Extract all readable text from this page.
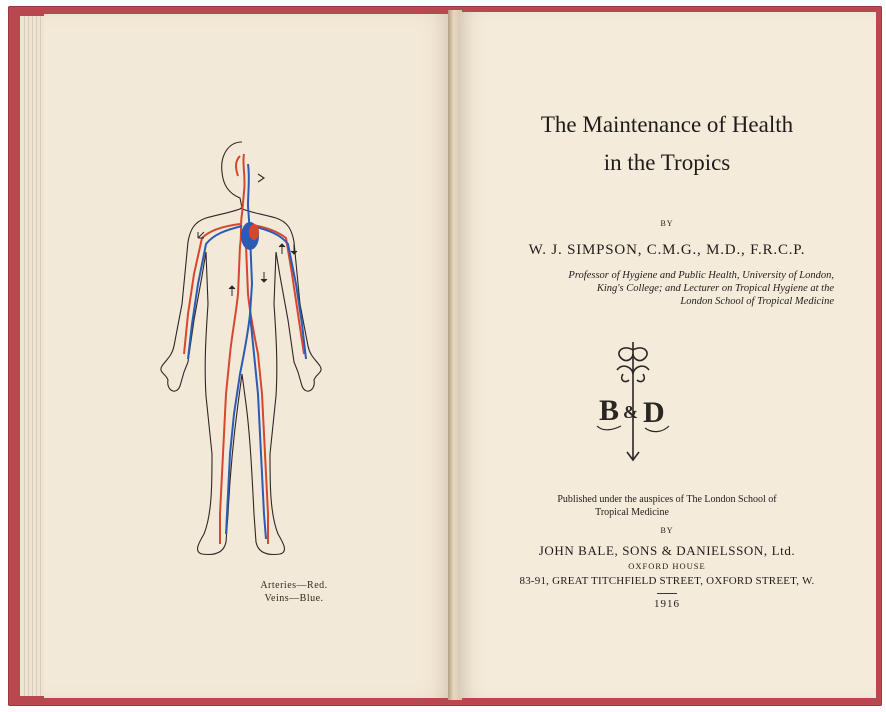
Arteries—Red.
Veins—Blue.
The Maintenance of Health
in the Tropics
BY
W. J. SIMPSON, C.M.G., M.D., F.R.C.P.
Professor of Hygiene and Public Health, University of London,
King's College; and Lecturer on Tropical Hygiene at the
London School of Tropical Medicine
B & D
Published under the auspices of The London School of
Tropical Medicine
BY
JOHN BALE, SONS & DANIELSSON, Ltd.
OXFORD HOUSE
83-91, GREAT TITCHFIELD STREET, OXFORD STREET, W.
1916
